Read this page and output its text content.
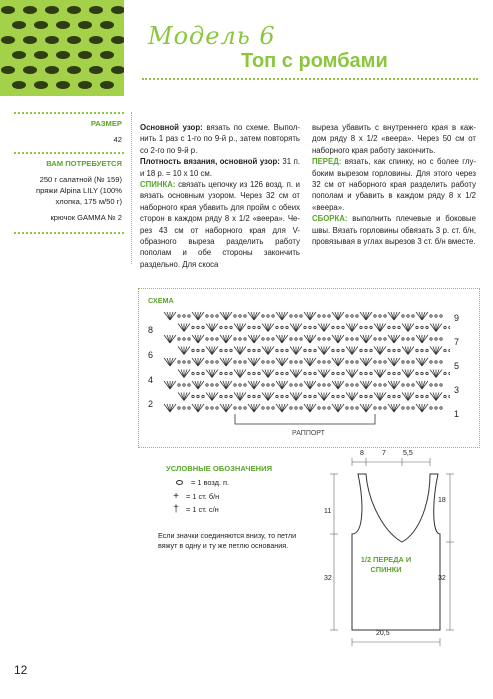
Модель 6
Топ с ромбами
РАЗМЕР
42
ВАМ ПОТРЕБУЕТСЯ
250 г салатной (№ 159)
пряжи Alpina LILY (100%
хлопка, 175 м/50 г)
крючок GAMMA № 2
Основной узор: вязать по схеме. Выпол-нить 1 раз с 1-го по 9-й р., затем повторять со 2-го по 9-й р.
Плотность вязания, основной узор: 31 п. и 18 р. = 10 х 10 см.
СПИНКА: связать цепочку из 126 возд. п. и вязать основным узором. Через 32 см от наборного края убавить для пройм с обеих сторон в каждом ряду 8 х 1/2 «веера». Че-рез 43 см от наборного края для V-образного выреза разделить работу пополам и обе стороны закончить раздельно. Для скоса
выреза убавить с внутреннего края в каж-дом ряду 8 х 1/2 «веера». Через 50 см от наборного края работу закончить.
ПЕРЕД: вязать, как спинку, но с более глу-боким вырезом горловины. Для этого через 32 см от наборного края разделить работу пополам и убавить в каждом ряду 8 х 1/2 «веера».
СБОРКА: выполнить плечевые и боковые швы. Вязать горловины обвязать 3 р. ст. б/н, провязывая в углах вырезов 3 ст. б/н вместе.
СХЕМА
8
6
4
2
9
7
5
3
1
РАППОРТ
УСЛОВНЫЕ ОБОЗНАЧЕНИЯ
= 1 возд. п.
+ = 1 ст. б/н
† = 1 ст. с/н
Если значки соединяются внизу, то петли вяжут в одну и ту же петлю основания.
8	7 5,5
11
18
32	32
20,5
1/2 ПЕРЕДА И СПИНКИ
12
